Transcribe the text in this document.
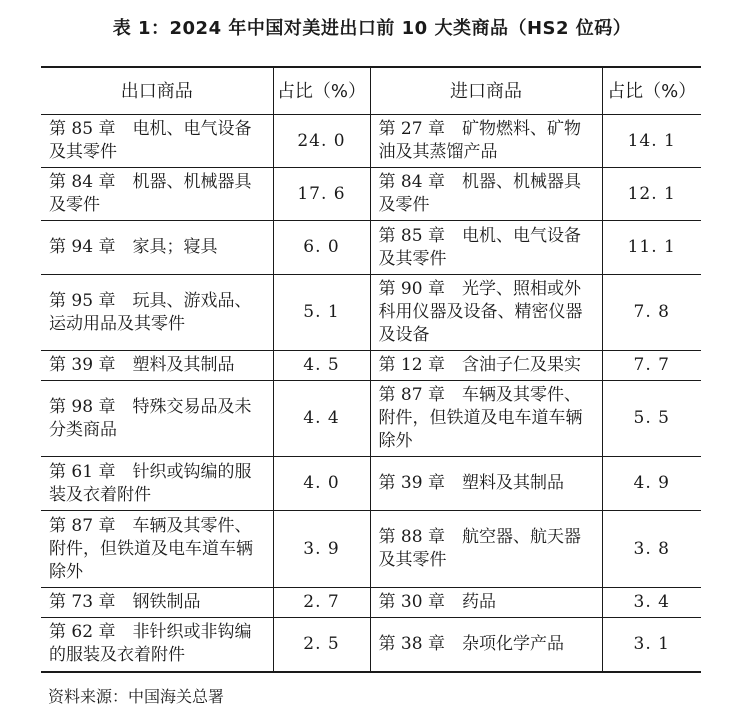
表 1：2024 年中国对美进出口前 10 大类商品（HS2 位码）
出口商品	占比（%）	进口商品	占比（%）
第 85 章　电机、电气设备及其零件	24. 0	第 27 章　矿物燃料、矿物油及其蒸馏产品	14. 1
第 84 章　机器、机械器具及零件	17. 6	第 84 章　机器、机械器具及零件	12. 1
第 94 章　家具；寝具	6. 0	第 85 章　电机、电气设备及其零件	11. 1
第 95 章　玩具、游戏品、运动用品及其零件	5. 1	第 90 章　光学、照相或外科用仪器及设备、精密仪器及设备	7. 8
第 39 章　塑料及其制品	4. 5	第 12 章　含油子仁及果实	7. 7
第 98 章　特殊交易品及未分类商品	4. 4	第 87 章　车辆及其零件、附件，但铁道及电车道车辆除外	5. 5
第 61 章　针织或钩编的服装及衣着附件	4. 0	第 39 章　塑料及其制品	4. 9
第 87 章　车辆及其零件、附件，但铁道及电车道车辆除外	3. 9	第 88 章　航空器、航天器及其零件	3. 8
第 73 章　钢铁制品	2. 7	第 30 章　药品	3. 4
第 62 章　非针织或非钩编的服装及衣着附件	2. 5	第 38 章　杂项化学产品	3. 1
资料来源：中国海关总署
